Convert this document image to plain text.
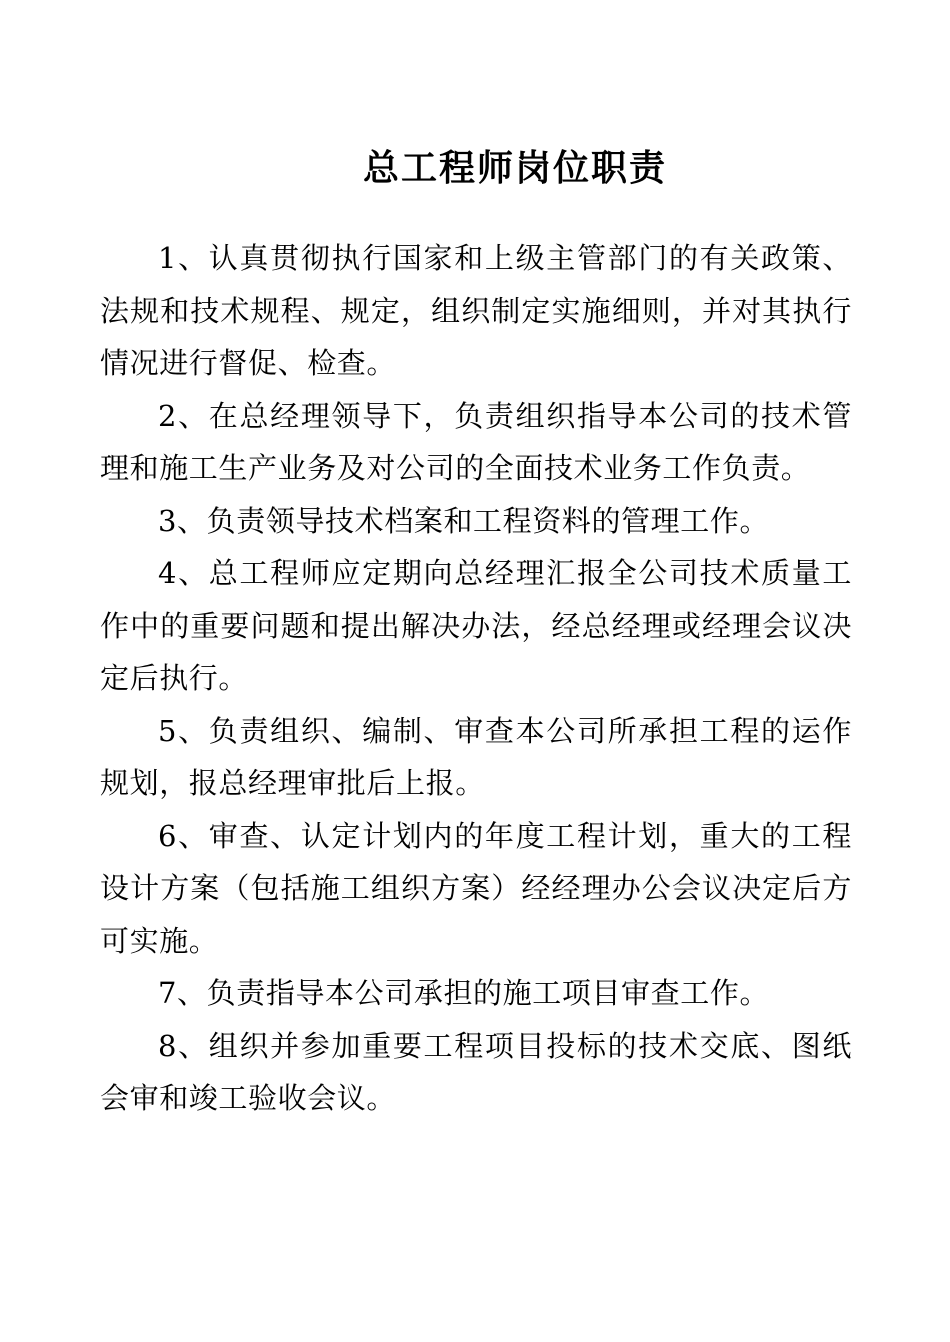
总工程师岗位职责

1、认真贯彻执行国家和上级主管部门的有关政策、法规和技术规程、规定，组织制定实施细则，并对其执行情况进行督促、检查。

2、在总经理领导下，负责组织指导本公司的技术管理和施工生产业务及对公司的全面技术业务工作负责。

3、负责领导技术档案和工程资料的管理工作。

4、总工程师应定期向总经理汇报全公司技术质量工作中的重要问题和提出解决办法，经总经理或经理会议决定后执行。

5、负责组织、编制、审查本公司所承担工程的运作规划，报总经理审批后上报。

6、审查、认定计划内的年度工程计划，重大的工程设计方案（包括施工组织方案）经经理办公会议决定后方可实施。

7、负责指导本公司承担的施工项目审查工作。

8、组织并参加重要工程项目投标的技术交底、图纸会审和竣工验收会议。
